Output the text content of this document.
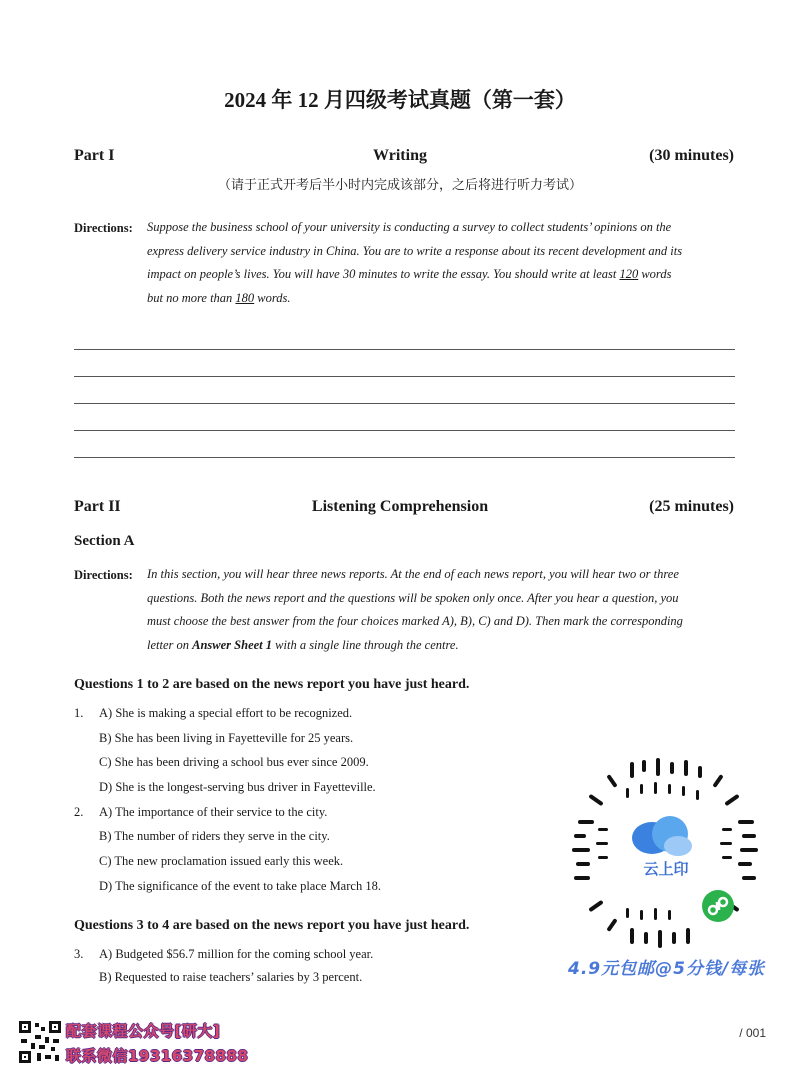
2024 年 12 月四级考试真题（第一套）
Part I	Writing	(30 minutes)
（请于正式开考后半小时内完成该部分，之后将进行听力考试）
Directions: Suppose the business school of your university is conducting a survey to collect students’ opinions on the
express delivery service industry in China. You are to write a response about its recent development and its
impact on people’s lives. You will have 30 minutes to write the essay. You should write at least 120 words
but no more than 180 words.
Part II	Listening Comprehension	(25 minutes)
Section A
Directions: In this section, you will hear three news reports. At the end of each news report, you will hear two or three
questions. Both the news report and the questions will be spoken only once. After you hear a question, you
must choose the best answer from the four choices marked A), B), C) and D). Then mark the corresponding
letter on Answer Sheet 1 with a single line through the centre.
Questions 1 to 2 are based on the news report you have just heard.
1. A) She is making a special effort to be recognized.
B) She has been living in Fayetteville for 25 years.
C) She has been driving a school bus ever since 2009.
D) She is the longest-serving bus driver in Fayetteville.
2. A) The importance of their service to the city.
B) The number of riders they serve in the city.
C) The new proclamation issued early this week.
D) The significance of the event to take place March 18.
Questions 3 to 4 are based on the news report you have just heard.
3. A) Budgeted $56.7 million for the coming school year.
B) Requested to raise teachers’ salaries by 3 percent.
云上印
4.9元包邮@5分钱/每张
配套课程公众号[研大]
联系微信19316378888
/ 001
